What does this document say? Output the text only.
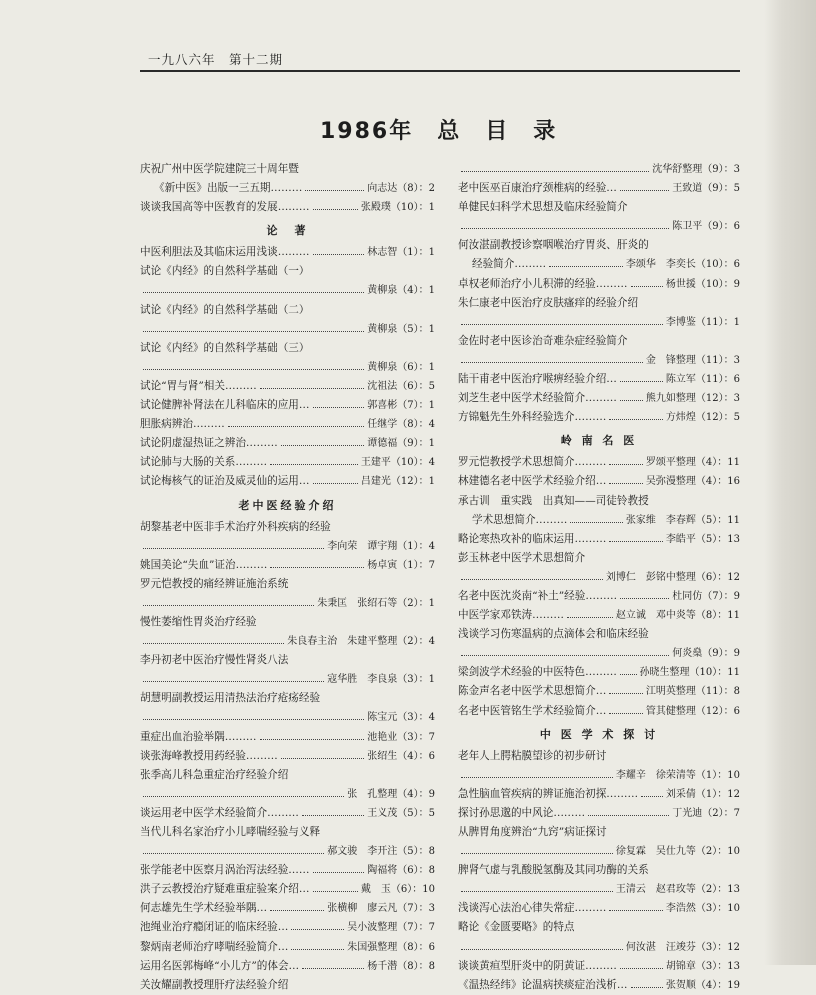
一九八六年　第十二期
1986年　总　目　录
庆祝广州中医学院建院三十周年暨
《新中医》出版一三五期………	向志达（8）：2
谈谈我国高等中医教育的发展………	张殿璞（10）：1
论　著
中医利胆法及其临床运用浅谈………	林志智（1）：1
试论《内经》的自然科学基础（一）
黄柳泉（4）：1
试论《内经》的自然科学基础（二）
黄柳泉（5）：1
试论《内经》的自然科学基础（三）
黄柳泉（6）：1
试论“胃与肾”相关………	沈祖法（6）：5
试论健脾补肾法在儿科临床的应用…	郭喜彬（7）：1
胆胀病辨治………	任继学（8）：4
试论阴虚湿热证之辨治………	谭德福（9）：1
试论肺与大肠的关系………	王建平（10）：4
试论梅核气的证治及威灵仙的运用…	吕建光（12）：1
老中医经验介绍
胡黎基老中医非手术治疗外科疾病的经验
李向荣　谭宇翔（1）：4
姚国美论“失血”证治………	杨卓寅（1）：7
罗元恺教授的痛经辨证施治系统
朱秉匡　张绍石等（2）：1
慢性萎缩性胃炎治疗经验
朱良春主治　朱建平整理（2）：4
李丹初老中医治疗慢性肾炎八法
寇华胜　李良泉（3）：1
胡慧明副教授运用清热法治疗疮疡经验
陈宝元（3）：4
重症出血治验举隅………	池艳业（3）：7
谈张海峰教授用药经验………	张绍生（4）：6
张季高儿科急重症治疗经验介绍
张　孔整理（4）：9
谈运用老中医学术经验简介………	王义茂（5）：5
当代儿科名家治疗小儿哮喘经验与义释
郝文骏　李开注（5）：8
张学能老中医察月涡治泻法经验……	陶福将（6）：8
洪子云教授治疗疑难重症验案介绍…	戴　玉（6）：10
何志雄先生学术经验举隅…	张横柳　廖云凡（7）：3
池绳业治疗瘾闭证的临床经验…	吴小波整理（7）：7
黎炳南老师治疗哮喘经验简介…	朱国强整理（8）：6
运用名医郭梅峰“小儿方”的体会…	杨千潜（8）：8
关汝耀副教授理肝疗法经验介绍
沈华舒整理（9）：3
老中医巫百康治疗颈椎病的经验…	王致道（9）：5
单健民妇科学术思想及临床经验简介
陈卫平（9）：6
何汝湛副教授诊察咽喉治疗胃炎、肝炎的
经验简介………	李颂华　李奕长（10）：6
卓权老师治疗小儿积滞的经验………	杨世援（10）：9
朱仁康老中医治疗皮肤瘙痒的经验介绍
李博鉴（11）：1
金佐时老中医诊治奇难杂症经验简介
金　锋整理（11）：3
陆干甫老中医治疗喉痹经验介绍…	陈立军（11）：6
刘芝生老中医学术经验简介………	熊九如整理（12）：3
方锦魁先生外科经验选介………	方炜煌（12）：5
岭 南 名 医
罗元恺教授学术思想简介………	罗颂平整理（4）：11
林建德名老中医学术经验介绍…	吴弥漫整理（4）：16
承古训　重实践　出真知——司徒铃教授
学术思想简介………	张家维　李春辉（5）：11
略论寒热攻补的临床运用………	李皓平（5）：13
彭玉林老中医学术思想简介
刘博仁　彭铭中整理（6）：12
名老中医沈炎南“补土”经验………	杜同仿（7）：9
中医学家邓铁涛………	赵立诚　邓中炎等（8）：11
浅谈学习伤寒温病的点滴体会和临床经验
何炎燊（9）：9
梁剑波学术经验的中医特色……… 孙晓生整理（10）：11
陈金声名老中医学术思想简介…	江明英整理（11）：8
名老中医管铭生学术经验简介…	管其健整理（12）：6
中 医 学 术 探 讨
老年人上腭粘膜望诊的初步研讨
李耀辛　徐荣清等（1）：10
急性脑血管疾病的辨证施治初探………	刘采倩（1）：12
探讨孙思邈的中风论………	丁光迪（2）：7
从脾胃角度辨治“九窍”病证探讨
徐复霖　吴仕九等（2）：10
脾肾气虚与乳酸脱氢酶及其同功酶的关系
王清云　赵君玫等（2）：13
浅谈泻心法治心律失常症………	李浩然（3）：10
略论《金匮要略》的特点
何汝湛　汪竣芬（3）：12
谈谈黄疸型肝炎中的阴黄证………	胡锦章（3）：13
《温热经纬》论温病挟痰症治浅析…	张贺顺（4）：19
